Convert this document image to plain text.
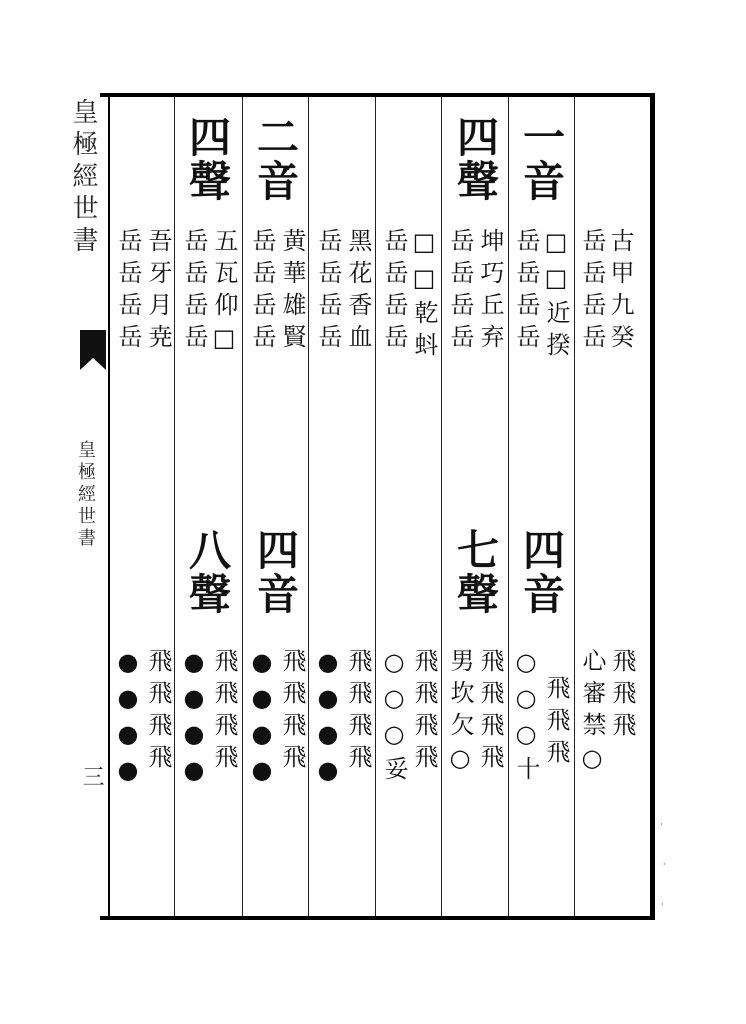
皇極經世書
皇極經世書
三
古甲九癸
岳岳岳岳
飛飛飛
心審禁○
一音
□□近揆
岳岳岳岳
四音
飛飛飛
○○○十
四聲
坤巧丘弃
岳岳岳岳
七聲
飛飛飛飛
男坎欠○
□□乾蚪
岳岳岳岳
飛飛飛飛
○○○妥
黑花香血
岳岳岳岳
飛飛飛飛
●●●●
二音
黄華雄賢
岳岳岳岳
四音
飛飛飛飛
●●●●
四聲
五瓦仰□
岳岳岳岳
八聲
飛飛飛飛
●●●●
吾牙月尭
岳岳岳岳
飛飛飛飛
●●●●
·
·
·
